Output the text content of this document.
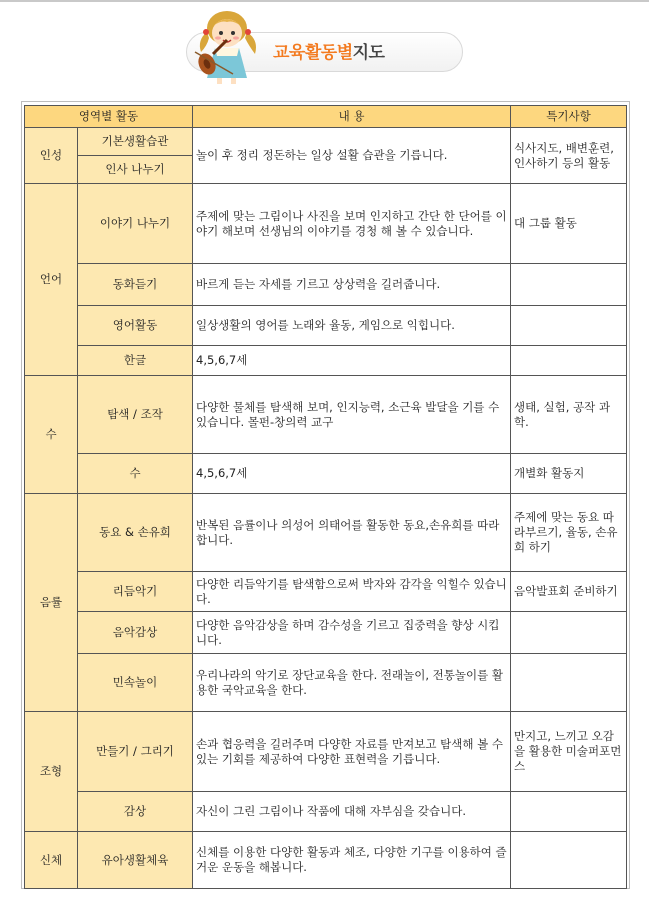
교육활동별지도
영역별 활동		내 용	특기사항
인성	기본생활습관	놀이 후 정리 정돈하는 일상 설활 습관을 기릅니다.	식사지도, 배변훈련, 인사하기 등의 활동
	인사 나누기		
언어	이야기 나누기	주제에 맞는 그림이나 사진을 보며 인지하고 간단 한 단어를 이야기 해보며 선생님의 이야기를 경청 해 볼 수 있습니다.	대 그룹 활동
	동화듣기	바르게 듣는 자세를 기르고 상상력을 길러줍니다.	
	영어활동	일상생활의 영어를 노래와 율동, 게임으로 익힙니다.	
	한글	4,5,6,7세	
수	탐색 / 조작	다양한 물체를 탐색해 보며, 인지능력, 소근육 발달을 기를 수 있습니다. 몰펀-창의력 교구	생태, 실험, 공작 과학.
	수	4,5,6,7세	개별화 활동지
음률	동요 & 손유희	반복된 음률이나 의성어 의태어를 활동한 동요,손유희를 따라 합니다.	주제에 맞는 동요 따라부르기, 율동, 손유희 하기
	리듬악기	다양한 리듬악기를 탐색함으로써 박자와 감각을 익힐수 있습니다.	음악발표회 준비하기
	음악감상	다양한 음악감상을 하며 감수성을 기르고 집중력을 향상 시킵니다.	
	민속놀이	우리나라의 악기로 장단교육을 한다. 전래놀이, 전통놀이를 활용한 국악교육을 한다.	
조형	만들기 / 그리기	손과 협응력을 길러주며 다양한 자료를 만져보고 탐색해 볼 수 있는 기회를 제공하여 다양한 표현력을 기릅니다.	만지고, 느끼고 오감을 활용한 미술퍼포먼스
	감상	자신이 그린 그림이나 작품에 대해 자부심을 갖습니다.	
신체	유아생활체육	신체를 이용한 다양한 활동과 체조, 다양한 기구를 이용하여 즐거운 운동을 해봅니다.	
